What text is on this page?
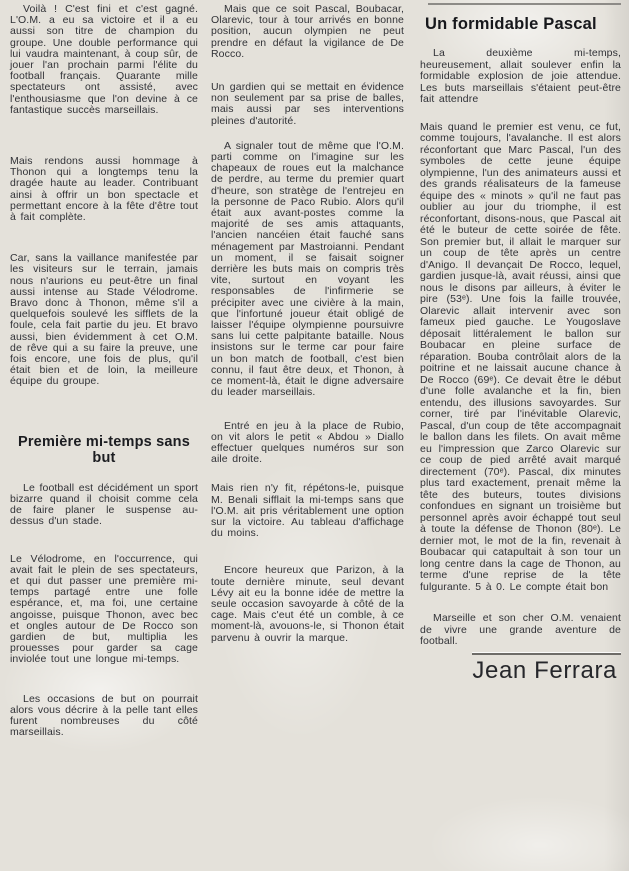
Voilà ! C'est fini et c'est gagné. L'O.M. a eu sa victoire et il a eu aussi son titre de champion du groupe. Une double performance qui lui vaudra maintenant, à coup sûr, de jouer l'an prochain parmi l'élite du football français. Quarante mille spectateurs ont assisté, avec l'enthousiasme que l'on devine à ce fantastique succès marseillais.

Mais rendons aussi hommage à Thonon qui a longtemps tenu la dragée haute au leader. Contribuant ainsi à offrir un bon spectacle et permettant encore à la fête d'être tout à fait complète.

Car, sans la vaillance manifestée par les visiteurs sur le terrain, jamais nous n'aurions eu peut-être un final aussi intense au Stade Vélodrome. Bravo donc à Thonon, même s'il a quelquefois soulevé les sifflets de la foule, cela fait partie du jeu. Et bravo aussi, bien évidemment à cet O.M. de rêve qui a su faire la preuve, une fois encore, une fois de plus, qu'il était bien et de loin, la meilleure équipe du groupe.

Première mi-temps sans but

Le football est décidément un sport bizarre quand il choisit comme cela de faire planer le suspense au-dessus d'un stade.

Le Vélodrome, en l'occurrence, qui avait fait le plein de ses spectateurs, et qui dut passer une première mi-temps partagé entre une folle espérance, et, ma foi, une certaine angoisse, puisque Thonon, avec bec et ongles autour de De Rocco son gardien de but, multiplia les prouesses pour garder sa cage inviolée tout une longue mi-temps.

Les occasions de but on pourrait alors vous décrire à la pelle tant elles furent nombreuses du côté marseillais.

Mais que ce soit Pascal, Boubacar, Olarevic, tour à tour arrivés en bonne position, aucun olympien ne peut prendre en défaut la vigilance de De Rocco.

Un gardien qui se mettait en évidence non seulement par sa prise de balles, mais aussi par ses interventions pleines d'autorité.

A signaler tout de même que l'O.M. parti comme on l'imagine sur les chapeaux de roues eut la malchance de perdre, au terme du premier quart d'heure, son stratège de l'entrejeu en la personne de Paco Rubio. Alors qu'il était aux avant-postes comme la majorité de ses amis attaquants, l'ancien nancéien était fauché sans ménagement par Mastroianni. Pendant un moment, il se faisait soigner derrière les buts mais on compris très vite, surtout en voyant les responsables de l'infirmerie se précipiter avec une civière à la main, que l'infortuné joueur était obligé de laisser l'équipe olympienne poursuivre sans lui cette palpitante bataille. Nous insistons sur le terme car pour faire un bon match de football, c'est bien connu, il faut être deux, et Thonon, à ce moment-là, était le digne adversaire du leader marseillais.

Entré en jeu à la place de Rubio, on vit alors le petit « Abdou » Diallo effectuer quelques numéros sur son aile droite.

Mais rien n'y fit, répétons-le, puisque M. Benali sifflait la mi-temps sans que l'O.M. ait pris véritablement une option sur la victoire. Au tableau d'affichage du moins.

Encore heureux que Parizon, à la toute dernière minute, seul devant Lévy ait eu la bonne idée de mettre la seule occasion savoyarde à côté de la cage. Mais c'eut été un comble, à ce moment-là, avouons-le, si Thonon était parvenu à ouvrir la marque.

Un formidable Pascal

La deuxième mi-temps, heureusement, allait soulever enfin la formidable explosion de joie attendue. Les buts marseillais s'étaient peut-être fait attendre

Mais quand le premier est venu, ce fut, comme toujours, l'avalanche. Il est alors réconfortant que Marc Pascal, l'un des symboles de cette jeune équipe olympienne, l'un des animateurs aussi et des grands réalisateurs de la fameuse équipe des « minots » qu'il ne faut pas oublier au jour du triomphe, il est réconfortant, disons-nous, que Pascal ait été le buteur de cette soirée de fête. Son premier but, il allait le marquer sur un coup de tête après un centre d'Anigo. Il devançait De Rocco, lequel, gardien jusque-là, avait réussi, ainsi que nous le disons par ailleurs, à éviter le pire (53ᵉ). Une fois la faille trouvée, Olarevic allait intervenir avec son fameux pied gauche. Le Yougoslave déposait littéralement le ballon sur Boubacar en pleine surface de réparation. Bouba contrôlait alors de la poitrine et ne laissait aucune chance à De Rocco (69ᵉ). Ce devait être le début d'une folle avalanche et la fin, bien entendu, des illusions savoyardes. Sur corner, tiré par l'inévitable Olarevic, Pascal, d'un coup de tête accompagnait le ballon dans les filets. On avait même eu l'impression que Zarco Olarevic sur ce coup de pied arrêté avait marqué directement (70ᵉ). Pascal, dix minutes plus tard exactement, prenait même la tête des buteurs, toutes divisions confondues en signant un troisième but personnel après avoir échappé tout seul à toute la défense de Thonon (80ᵉ). Le dernier mot, le mot de la fin, revenait à Boubacar qui catapultait à son tour un long centre dans la cage de Thonon, au terme d'une reprise de la tête fulgurante. 5 à 0. Le compte était bon

Marseille et son cher O.M. venaient de vivre une grande aventure de football.

Jean Ferrara
